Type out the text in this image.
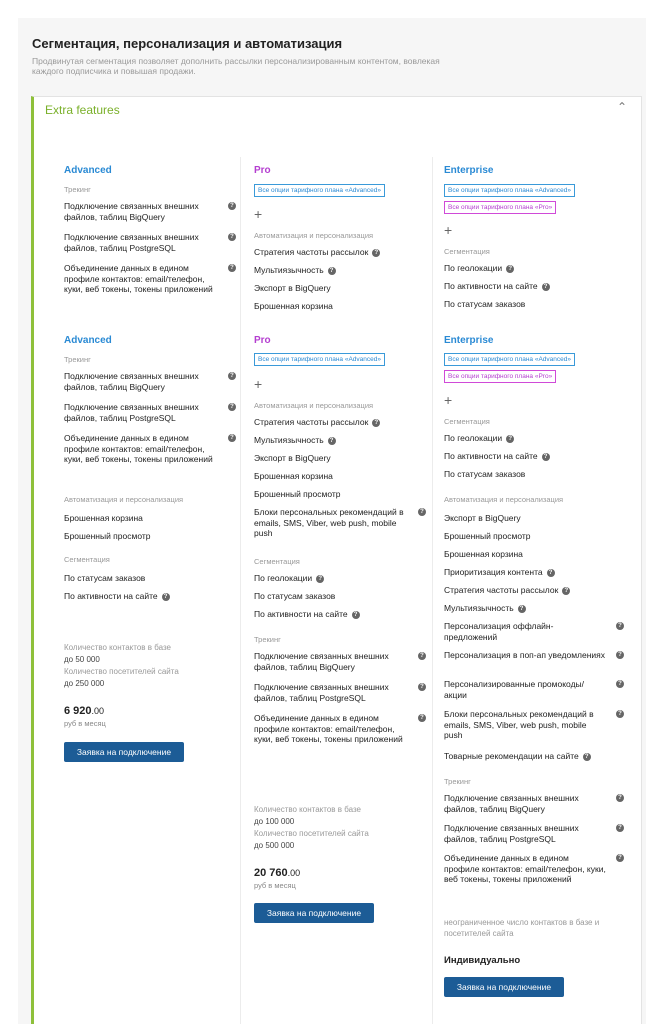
Сегментация, персонализация и автоматизация
Продвинутая сегментация позволяет дополнить рассылки персонализированным контентом, вовлекая каждого подписчика и повышая продажи.
Extra features	⌃
Advanced
Трекинг
Подключение связанных внешних файлов, таблиц BigQuery
?
Подключение связанных внешних файлов, таблиц PostgreSQL
?
Объединение данных в едином профиле контактов: email/телефон, куки, веб токены, токены приложений
?
Advanced
Трекинг
Подключение связанных внешних файлов, таблиц BigQuery
?
Подключение связанных внешних файлов, таблиц PostgreSQL
?
Объединение данных в едином профиле контактов: email/телефон, куки, веб токены, токены приложений
?
Автоматизация и персонализация
Брошенная корзина
Брошенный просмотр
Сегментация
По статусам заказов
По активности на сайте ?
Количество контактов в базе
до 50 000
Количество посетителей сайта
до 250 000
6 920.00
руб в месяц
Заявка на подключение
Pro
Все опции тарифного плана «Advanced»
+
Автоматизация и персонализация
Стратегия частоты рассылок ?
Мультиязычность ?
Экспорт в BigQuery
Брошенная корзина
Pro
Все опции тарифного плана «Advanced»
+
Автоматизация и персонализация
Стратегия частоты рассылок ?
Мультиязычность ?
Экспорт в BigQuery
Брошенная корзина
Брошенный просмотр
Блоки персональных рекомендаций в emails, SMS, Viber, web push, mobile push
?
Сегментация
По геолокации ?
По статусам заказов
По активности на сайте ?
Трекинг
Подключение связанных внешних файлов, таблиц BigQuery
?
Подключение связанных внешних файлов, таблиц PostgreSQL
?
Объединение данных в едином профиле контактов: email/телефон, куки, веб токены, токены приложений
?
Количество контактов в базе
до 100 000
Количество посетителей сайта
до 500 000
20 760.00
руб в месяц
Заявка на подключение
Enterprise
Все опции тарифного плана «Advanced»
Все опции тарифного плана «Pro»
+
Сегментация
По геолокации ?
По активности на сайте ?
По статусам заказов
Enterprise
Все опции тарифного плана «Advanced»
Все опции тарифного плана «Pro»
+
Сегментация
По геолокации ?
По активности на сайте ?
По статусам заказов
Автоматизация и персонализация
Экспорт в BigQuery
Брошенный просмотр
Брошенная корзина
Приоритизация контента ?
Стратегия частоты рассылок ?
Мультиязычность ?
Персонализация оффлайн-предложений
?
Персонализация в поп-ап уведомлениях	?
Персонализированные промокоды/акции
?
Блоки персональных рекомендаций в emails, SMS, Viber, web push, mobile push
?
Товарные рекомендации на сайте ?
Трекинг
Подключение связанных внешних файлов, таблиц BigQuery
?
Подключение связанных внешних файлов, таблиц PostgreSQL
?
Объединение данных в едином профиле контактов: email/телефон, куки, веб токены, токены приложений
?
неограниченное число контактов в базе и посетителей сайта
Индивидуально
Заявка на подключение
